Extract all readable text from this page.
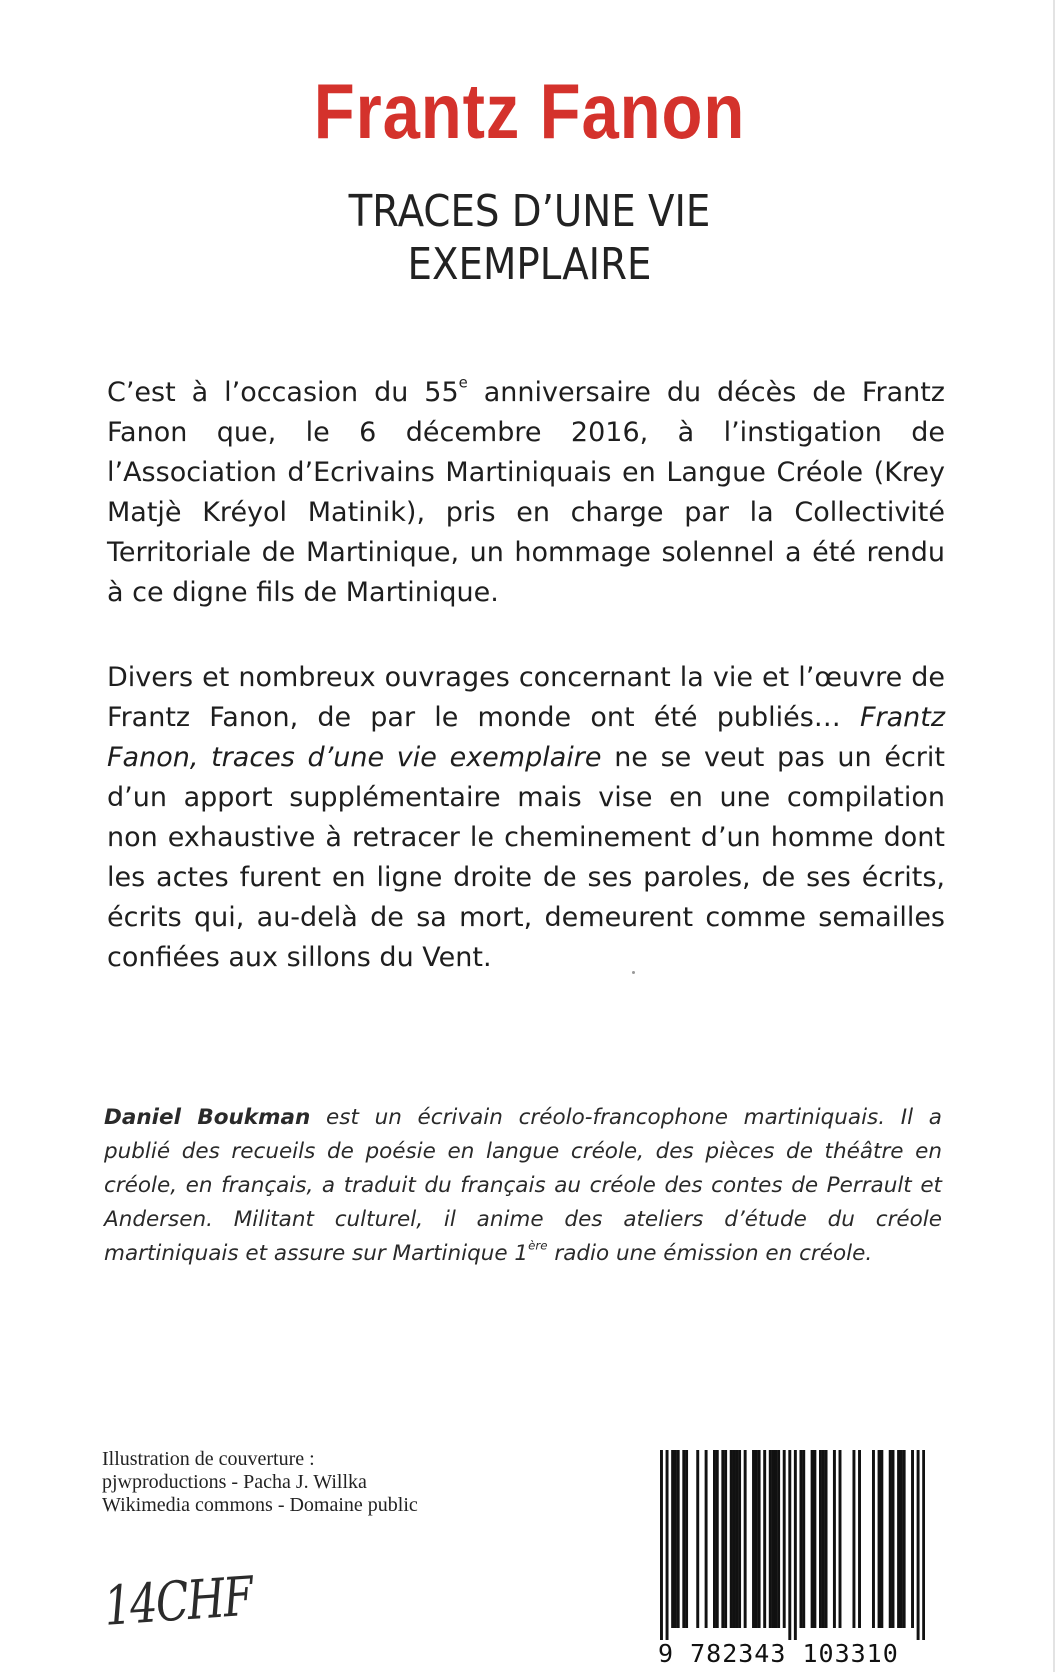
Frantz Fanon
TRACES D’UNE VIE
EXEMPLAIRE

C’est à l’occasion du 55e anniversaire du décès de Frantz Fanon que, le 6 décembre 2016, à l’instigation de l’Association d’Ecrivains Martiniquais en Langue Créole (Krey Matjè Kréyol Matinik), pris en charge par la Collectivité Territoriale de Martinique, un hommage solennel a été rendu à ce digne fils de Martinique.

Divers et nombreux ouvrages concernant la vie et l’œuvre de Frantz Fanon, de par le monde ont été publiés… Frantz Fanon, traces d’une vie exemplaire ne se veut pas un écrit d’un apport supplémentaire mais vise en une compilation non exhaustive à retracer le cheminement d’un homme dont les actes furent en ligne droite de ses paroles, de ses écrits, écrits qui, au-delà de sa mort, demeurent comme semailles confiées aux sillons du Vent.

Daniel Boukman est un écrivain créolo-francophone martiniquais. Il a publié des recueils de poésie en langue créole, des pièces de théâtre en créole, en français, a traduit du français au créole des contes de Perrault et Andersen. Militant culturel, il anime des ateliers d’étude du créole martiniquais et assure sur Martinique 1ère radio une émission en créole.

Illustration de couverture :
pjwproductions - Pacha J. Willka
Wikimedia commons - Domaine public
14CHF
9 782343 103310
